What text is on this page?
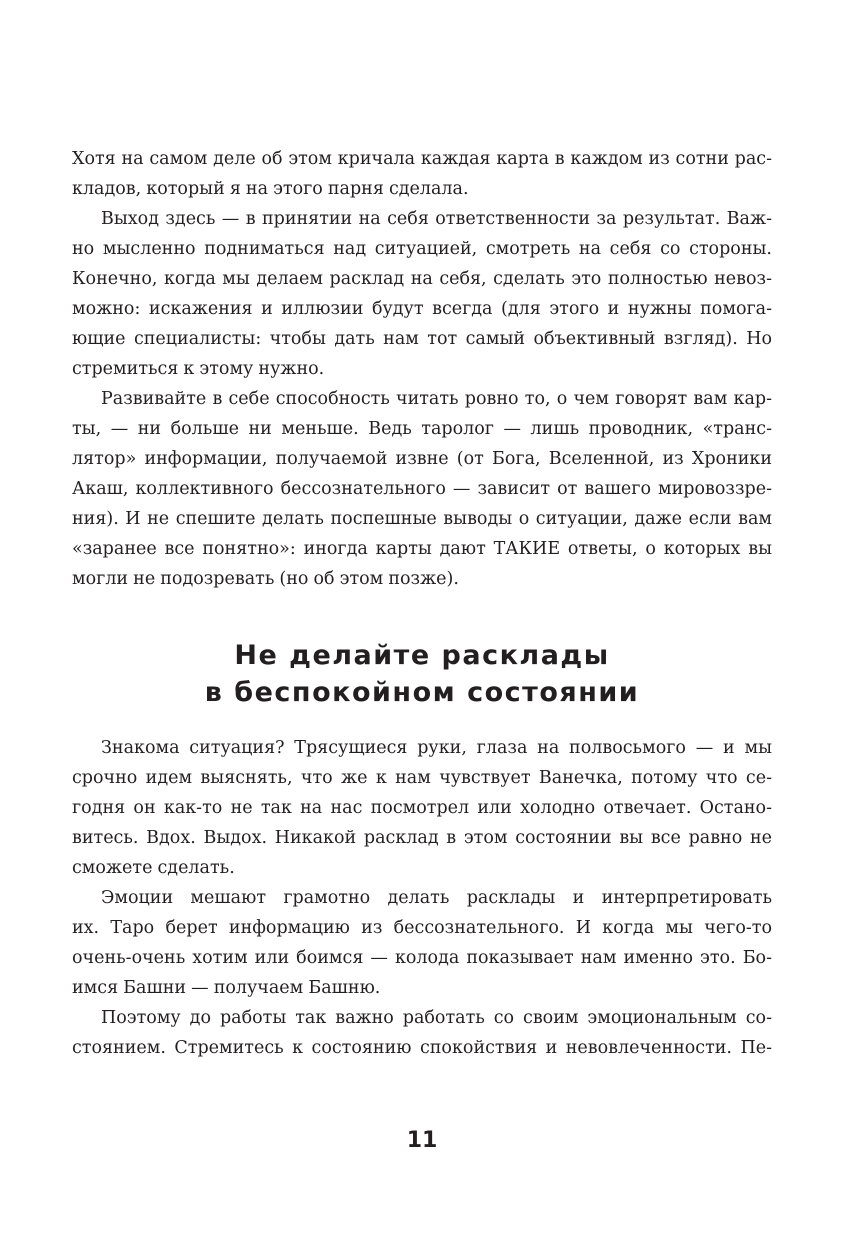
Хотя на самом деле об этом кричала каждая карта в каждом из сотни рас-
кладов, который я на этого парня сделала.
Выход здесь — в принятии на себя ответственности за результат. Важ-
но мысленно подниматься над ситуацией, смотреть на себя со стороны.
Конечно, когда мы делаем расклад на себя, сделать это полностью невоз-
можно: искажения и иллюзии будут всегда (для этого и нужны помога-
ющие специалисты: чтобы дать нам тот самый объективный взгляд). Но
стремиться к этому нужно.
Развивайте в себе способность читать ровно то, о чем говорят вам кар-
ты, — ни больше ни меньше. Ведь таролог — лишь проводник, «транс-
лятор» информации, получаемой извне (от Бога, Вселенной, из Хроники
Акаш, коллективного бессознательного — зависит от вашего мировоззре-
ния). И не спешите делать поспешные выводы о ситуации, даже если вам
«заранее все понятно»: иногда карты дают ТАКИЕ ответы, о которых вы
могли не подозревать (но об этом позже).
Не делайте расклады
в беспокойном состоянии
Знакома ситуация? Трясущиеся руки, глаза на полвосьмого — и мы
срочно идем выяснять, что же к нам чувствует Ванечка, потому что се-
годня он как-то не так на нас посмотрел или холодно отвечает. Остано-
витесь. Вдох. Выдох. Никакой расклад в этом состоянии вы все равно не
сможете сделать.
Эмоции мешают грамотно делать расклады и интерпретировать
их. Таро берет информацию из бессознательного. И когда мы чего-то
очень-очень хотим или боимся — колода показывает нам именно это. Бо-
имся Башни — получаем Башню.
Поэтому до работы так важно работать со своим эмоциональным со-
стоянием. Стремитесь к состоянию спокойствия и невовлеченности. Пе-
11
